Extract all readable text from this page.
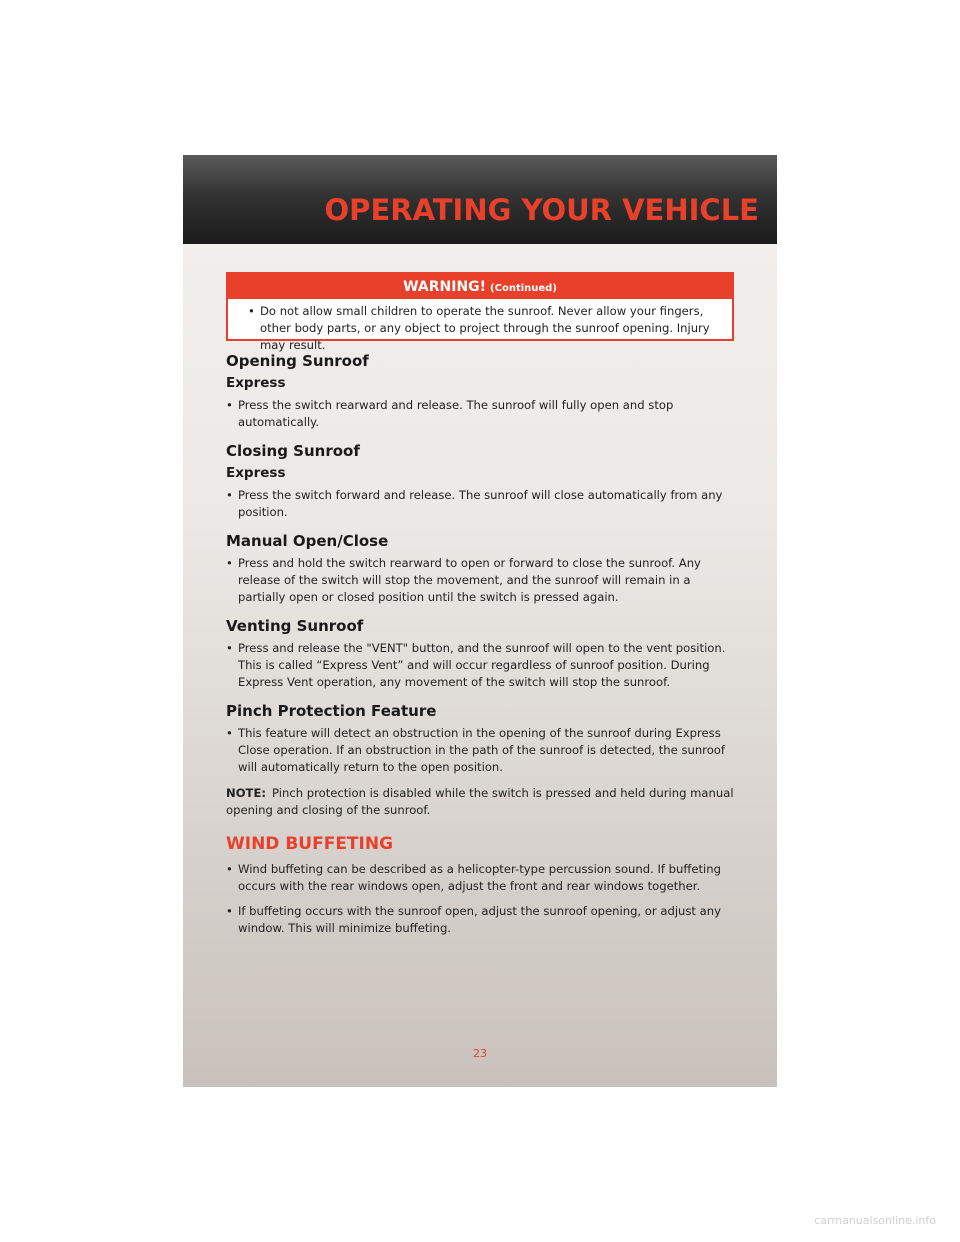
OPERATING YOUR VEHICLE
WARNING! (Continued)
• Do not allow small children to operate the sunroof. Never allow your fingers, other body parts, or any object to project through the sunroof opening. Injury may result.
Opening Sunroof
Express

• Press the switch rearward and release. The sunroof will fully open and stop automatically.

Closing Sunroof
Express

• Press the switch forward and release. The sunroof will close automatically from any position.

Manual Open/Close

• Press and hold the switch rearward to open or forward to close the sunroof. Any release of the switch will stop the movement, and the sunroof will remain in a partially open or closed position until the switch is pressed again.

Venting Sunroof

• Press and release the "VENT" button, and the sunroof will open to the vent position. This is called “Express Vent” and will occur regardless of sunroof position. During Express Vent operation, any movement of the switch will stop the sunroof.

Pinch Protection Feature

• This feature will detect an obstruction in the opening of the sunroof during Express Close operation. If an obstruction in the path of the sunroof is detected, the sunroof will automatically return to the open position.

NOTE: Pinch protection is disabled while the switch is pressed and held during manual opening and closing of the sunroof.

WIND BUFFETING

• Wind buffeting can be described as a helicopter-type percussion sound. If buffeting occurs with the rear windows open, adjust the front and rear windows together.

• If buffeting occurs with the sunroof open, adjust the sunroof opening, or adjust any window. This will minimize buffeting.

23
carmanualsonline.info
